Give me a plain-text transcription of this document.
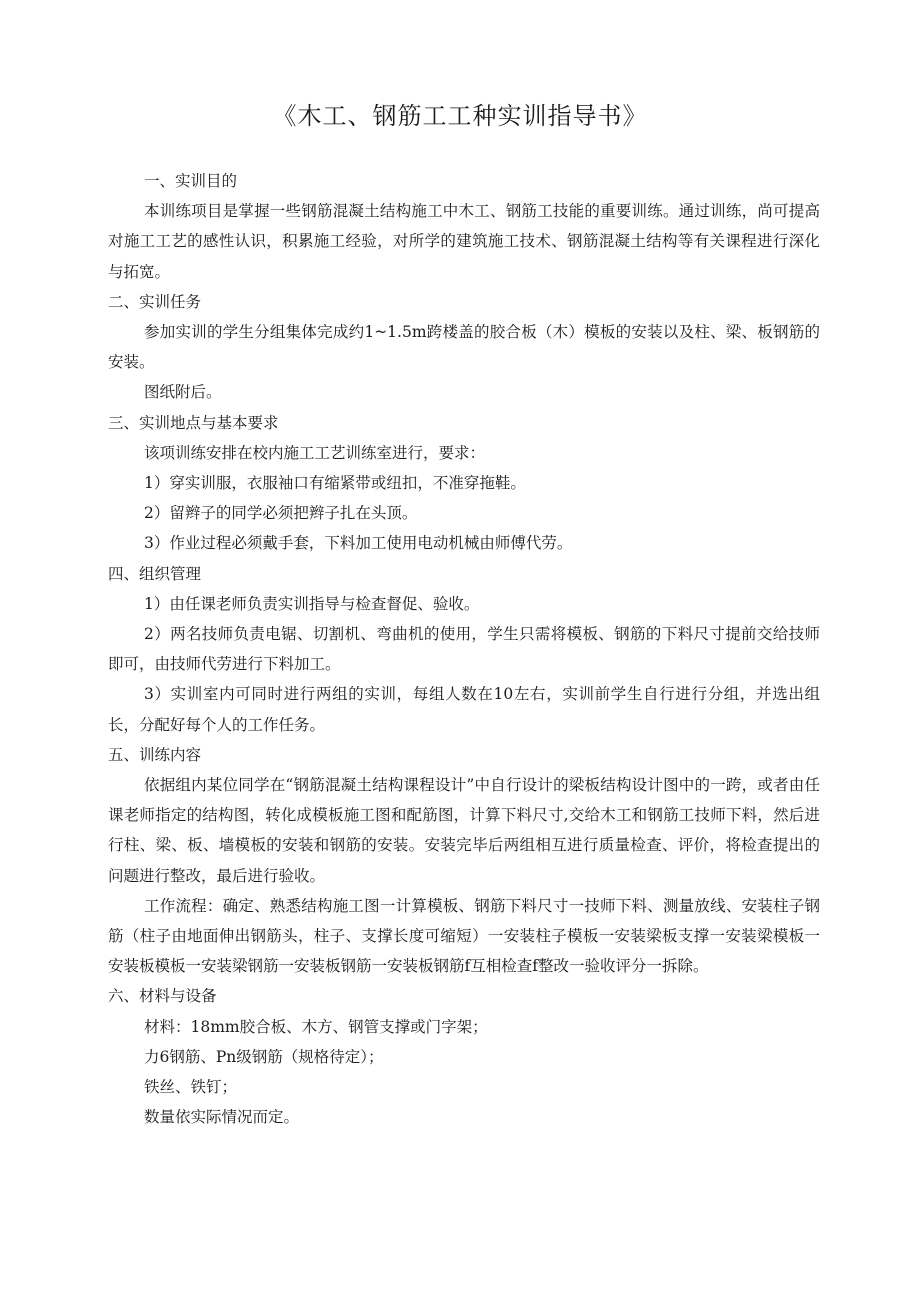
《木工、钢筋工工种实训指导书》

一、实训目的

本训练项目是掌握一些钢筋混凝土结构施工中木工、钢筋工技能的重要训练。通过训练，尚可提高对施工工艺的感性认识，积累施工经验，对所学的建筑施工技术、钢筋混凝土结构等有关课程进行深化与拓宽。

二、实训任务

参加实训的学生分组集体完成约1~1.5m跨楼盖的胶合板（木）模板的安装以及柱、梁、板钢筋的安装。

图纸附后。

三、实训地点与基本要求

该项训练安排在校内施工工艺训练室进行，要求：

1）穿实训服，衣服袖口有缩紧带或纽扣，不准穿拖鞋。

2）留辫子的同学必须把辫子扎在头顶。

3）作业过程必须戴手套，下料加工使用电动机械由师傅代劳。

四、组织管理

1）由任课老师负责实训指导与检查督促、验收。

2）两名技师负责电锯、切割机、弯曲机的使用，学生只需将模板、钢筋的下料尺寸提前交给技师即可，由技师代劳进行下料加工。

3）实训室内可同时进行两组的实训，每组人数在10左右，实训前学生自行进行分组，并选出组长，分配好每个人的工作任务。

五、训练内容

依据组内某位同学在“钢筋混凝土结构课程设计”中自行设计的梁板结构设计图中的一跨，或者由任课老师指定的结构图，转化成模板施工图和配筋图，计算下料尺寸,交给木工和钢筋工技师下料，然后进行柱、梁、板、墙模板的安装和钢筋的安装。安装完毕后两组相互进行质量检查、评价，将检查提出的问题进行整改，最后进行验收。

工作流程：确定、熟悉结构施工图一计算模板、钢筋下料尺寸一技师下料、测量放线、安装柱子钢筋（柱子由地面伸出钢筋头，柱子、支撑长度可缩短）一安装柱子模板一安装梁板支撑一安装梁模板一安装板模板一安装梁钢筋一安装板钢筋一安装板钢筋f互相检查f整改一验收评分一拆除。

六、材料与设备

材料：18mm胶合板、木方、钢管支撑或门字架；

力6钢筋、Pn级钢筋（规格待定）；

铁丝、铁钉；

数量依实际情况而定。
